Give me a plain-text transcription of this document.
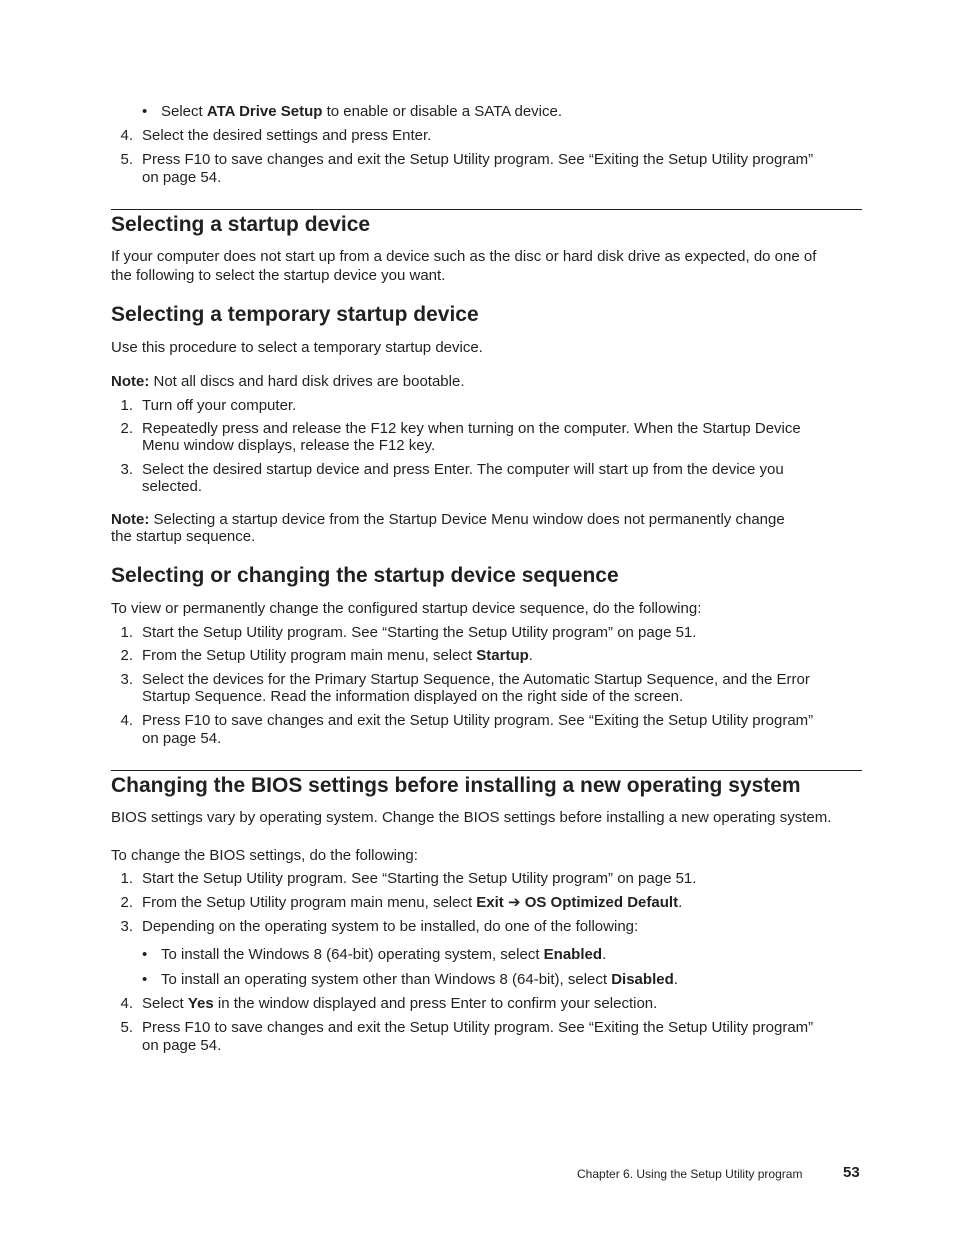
• Select ATA Drive Setup to enable or disable a SATA device.
4. Select the desired settings and press Enter.
5. Press F10 to save changes and exit the Setup Utility program. See “Exiting the Setup Utility program”
on page 54.
Selecting a startup device
If your computer does not start up from a device such as the disc or hard disk drive as expected, do one of
the following to select the startup device you want.
Selecting a temporary startup device
Use this procedure to select a temporary startup device.
Note: Not all discs and hard disk drives are bootable.
1. Turn off your computer.
2. Repeatedly press and release the F12 key when turning on the computer. When the Startup Device
Menu window displays, release the F12 key.
3. Select the desired startup device and press Enter. The computer will start up from the device you
selected.
Note: Selecting a startup device from the Startup Device Menu window does not permanently change
the startup sequence.
Selecting or changing the startup device sequence
To view or permanently change the configured startup device sequence, do the following:
1. Start the Setup Utility program. See “Starting the Setup Utility program” on page 51.
2. From the Setup Utility program main menu, select Startup.
3. Select the devices for the Primary Startup Sequence, the Automatic Startup Sequence, and the Error
Startup Sequence. Read the information displayed on the right side of the screen.
4. Press F10 to save changes and exit the Setup Utility program. See “Exiting the Setup Utility program”
on page 54.
Changing the BIOS settings before installing a new operating system
BIOS settings vary by operating system. Change the BIOS settings before installing a new operating system.
To change the BIOS settings, do the following:
1. Start the Setup Utility program. See “Starting the Setup Utility program” on page 51.
2. From the Setup Utility program main menu, select Exit ➔ OS Optimized Default.
3. Depending on the operating system to be installed, do one of the following:
• To install the Windows 8 (64-bit) operating system, select Enabled.
• To install an operating system other than Windows 8 (64-bit), select Disabled.
4. Select Yes in the window displayed and press Enter to confirm your selection.
5. Press F10 to save changes and exit the Setup Utility program. See “Exiting the Setup Utility program”
on page 54.
Chapter 6. Using the Setup Utility program	53
